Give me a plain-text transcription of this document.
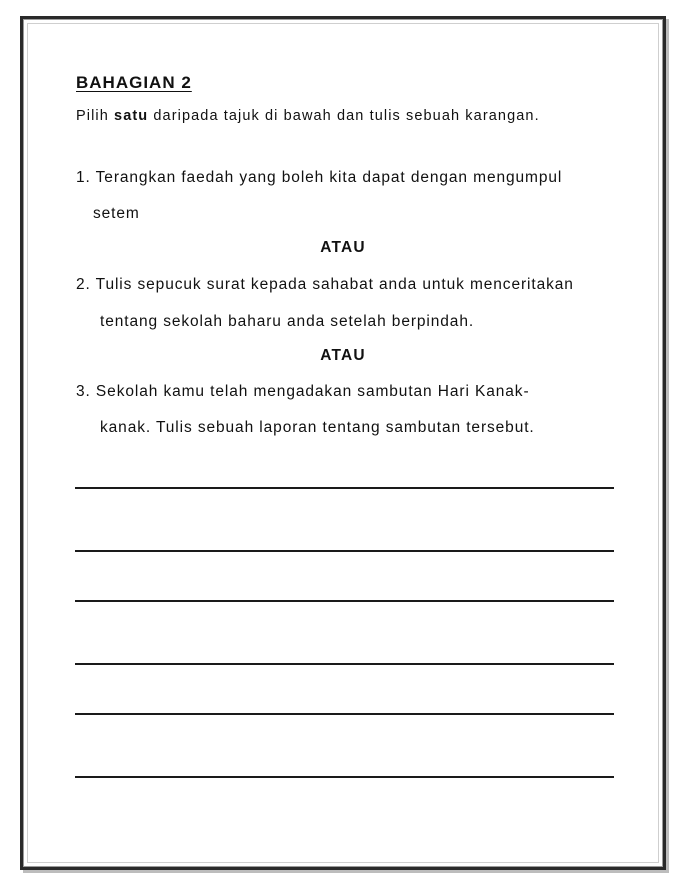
BAHAGIAN 2
Pilih satu daripada tajuk di bawah dan tulis sebuah karangan.
1. Terangkan faedah yang boleh kita dapat dengan mengumpul
setem
ATAU
2. Tulis sepucuk surat kepada sahabat anda untuk menceritakan
tentang sekolah baharu anda setelah berpindah.
ATAU
3. Sekolah kamu telah mengadakan sambutan Hari Kanak-
kanak. Tulis sebuah laporan tentang sambutan tersebut.
